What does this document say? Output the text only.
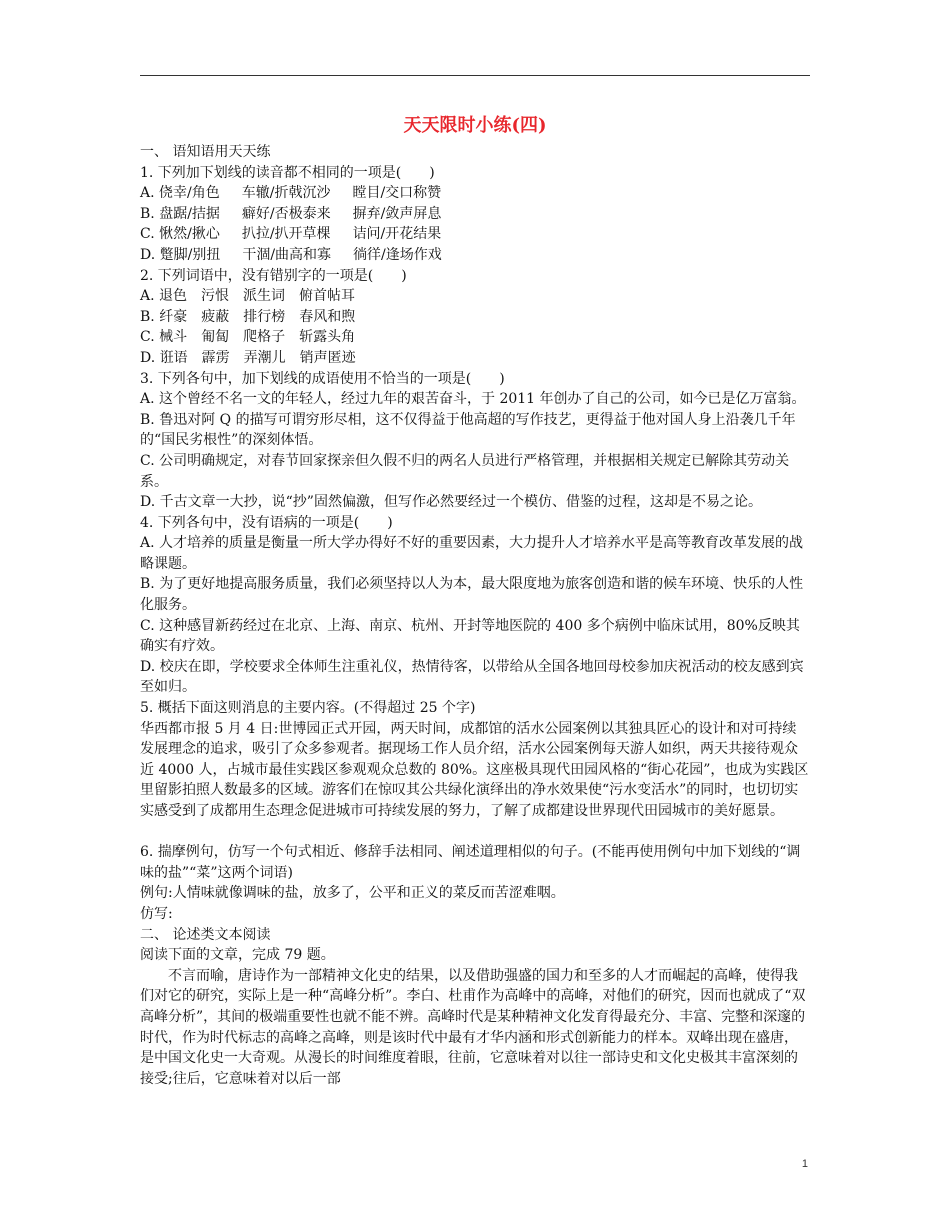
天天限时小练(四)

一、 语知语用天天练

1. 下列加下划线的读音都不相同的一项是(　　)

A. 侥幸/角色 车辙/折戟沉沙 瞠目/交口称赞

B. 盘踞/拮据 癖好/否极泰来 摒弃/敛声屏息

C. 愀然/揪心 扒拉/扒开草棵 诘问/开花结果

D. 蹩脚/别扭 干涸/曲高和寡 徜徉/逢场作戏

2. 下列词语中，没有错别字的一项是(　　)

A. 退色　 污恨　 派生词　 俯首帖耳

B. 纤豪　 疲蔽　 排行榜　 春风和煦

C. 械斗　 匍匐　 爬格子　 斩露头角

D. 诳语　 霹雳　 弄潮儿　 销声匿迹

3. 下列各句中，加下划线的成语使用不恰当的一项是(　　)

A. 这个曾经不名一文的年轻人，经过九年的艰苦奋斗，于 2011 年创办了自己的公司，如今已是亿万富翁。

B. 鲁迅对阿 Q 的描写可谓穷形尽相，这不仅得益于他高超的写作技艺，更得益于他对国人身上沿袭几千年的“国民劣根性”的深刻体悟。

C. 公司明确规定，对春节回家探亲但久假不归的两名人员进行严格管理，并根据相关规定已解除其劳动关系。

D. 千古文章一大抄，说“抄”固然偏激，但写作必然要经过一个模仿、借鉴的过程，这却是不易之论。

4. 下列各句中，没有语病的一项是(　　)

A. 人才培养的质量是衡量一所大学办得好不好的重要因素，大力提升人才培养水平是高等教育改革发展的战略课题。

B. 为了更好地提高服务质量，我们必须坚持以人为本，最大限度地为旅客创造和谐的候车环境、快乐的人性化服务。

C. 这种感冒新药经过在北京、上海、南京、杭州、开封等地医院的 400 多个病例中临床试用，80%反映其确实有疗效。

D. 校庆在即，学校要求全体师生注重礼仪，热情待客，以带给从全国各地回母校参加庆祝活动的校友感到宾至如归。

5. 概括下面这则消息的主要内容。(不得超过 25 个字)

华西都市报 5 月 4 日:世博园正式开园，两天时间，成都馆的活水公园案例以其独具匠心的设计和对可持续发展理念的追求，吸引了众多参观者。据现场工作人员介绍，活水公园案例每天游人如织，两天共接待观众近 4000 人，占城市最佳实践区参观观众总数的 80%。这座极具现代田园风格的“街心花园”，也成为实践区里留影拍照人数最多的区域。游客们在惊叹其公共绿化演绎出的净水效果使“污水变活水”的同时，也切切实实感受到了成都用生态理念促进城市可持续发展的努力，了解了成都建设世界现代田园城市的美好愿景。

6. 揣摩例句，仿写一个句式相近、修辞手法相同、阐述道理相似的句子。(不能再使用例句中加下划线的“调味的盐”“菜”这两个词语)

例句:人情味就像调味的盐，放多了，公平和正义的菜反而苦涩难咽。

仿写:

二、 论述类文本阅读

阅读下面的文章，完成 79 题。

不言而喻，唐诗作为一部精神文化史的结果，以及借助强盛的国力和至多的人才而崛起的高峰，使得我们对它的研究，实际上是一种“高峰分析”。李白、杜甫作为高峰中的高峰，对他们的研究，因而也就成了“双高峰分析”，其间的极端重要性也就不能不辨。高峰时代是某种精神文化发育得最充分、丰富、完整和深邃的时代，作为时代标志的高峰之高峰，则是该时代中最有才华内涵和形式创新能力的样本。双峰出现在盛唐，是中国文化史一大奇观。从漫长的时间维度着眼，往前，它意味着对以往一部诗史和文化史极其丰富深刻的接受;往后，它意味着对以后一部

1
